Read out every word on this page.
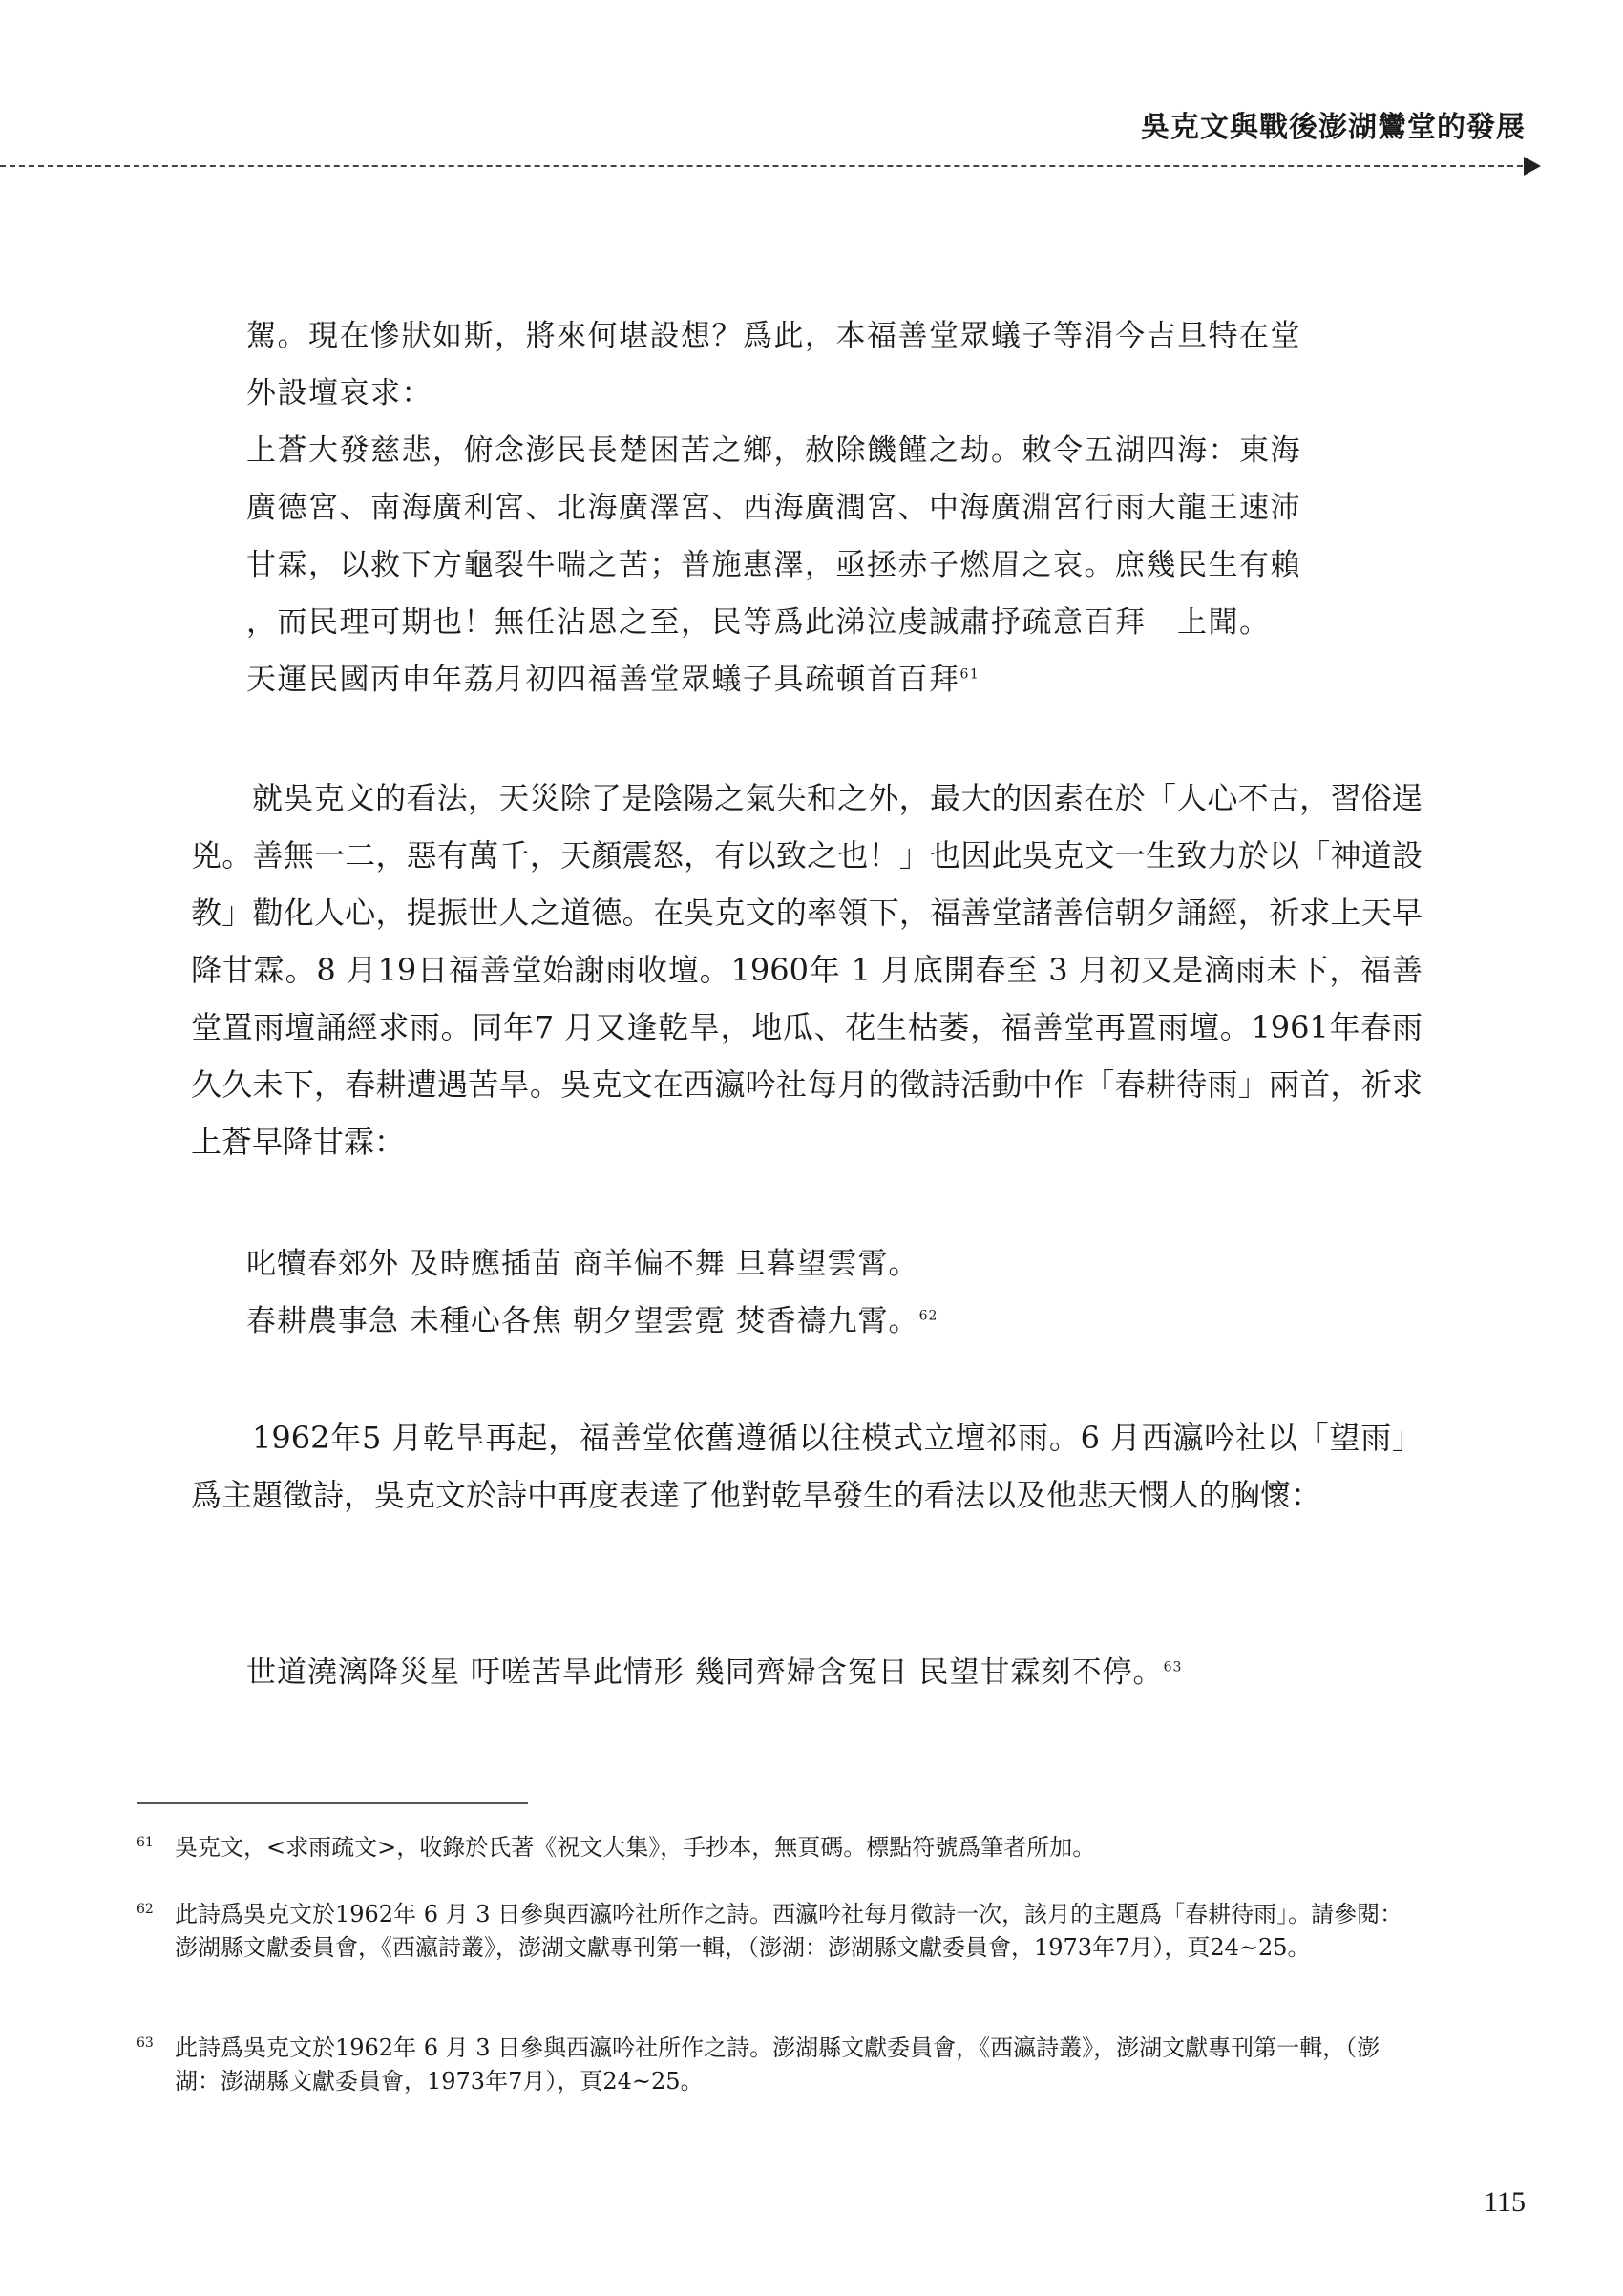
吳克文與戰後澎湖鸞堂的發展
駕。現在慘狀如斯，將來何堪設想？爲此，本福善堂眾蟻子等涓今吉旦特在堂
外設壇哀求：
上蒼大發慈悲，俯念澎民長楚困苦之鄉，赦除饑饉之劫。敕令五湖四海：東海
廣德宮、南海廣利宮、北海廣澤宮、西海廣潤宮、中海廣淵宮行雨大龍王速沛
甘霖，以救下方龜裂牛喘之苦；普施惠澤，亟拯赤子燃眉之哀。庶幾民生有賴
，而民理可期也！無任沾恩之至，民等爲此涕泣虔誠肅抒疏意百拜　上聞。
天運民國丙申年荔月初四福善堂眾蟻子具疏頓首百拜$^{61}$

就吳克文的看法，天災除了是陰陽之氣失和之外，最大的因素在於「人心不古，習俗逞兇。善無一二，惡有萬千，天顏震怒，有以致之也！」也因此吳克文一生致力於以「神道設教」勸化人心，提振世人之道德。在吳克文的率領下，福善堂諸善信朝夕誦經，祈求上天早降甘霖。8 月19日福善堂始謝雨收壇。1960年 1 月底開春至 3 月初又是滴雨未下，福善堂置雨壇誦經求雨。同年7 月又逢乾旱，地瓜、花生枯萎，福善堂再置雨壇。1961年春雨久久未下，春耕遭遇苦旱。吳克文在西瀛吟社每月的徵詩活動中作「春耕待雨」兩首，祈求上蒼早降甘霖：

叱犢春郊外 及時應插苗 商羊偏不舞 旦暮望雲霄。
春耕農事急 未種心各焦 朝夕望雲霓 焚香禱九霄。$^{62}$

1962年5 月乾旱再起，福善堂依舊遵循以往模式立壇祁雨。6 月西瀛吟社以「望雨」爲主題徵詩，吳克文於詩中再度表達了他對乾旱發生的看法以及他悲天憫人的胸懷：

世道澆漓降災星 吁嗟苦旱此情形 幾同齊婦含冤日 民望甘霖刻不停。$^{63}$

$^{61}$ 吳克文，<求雨疏文>，收錄於氏著《祝文大集》，手抄本，無頁碼。標點符號爲筆者所加。

$^{62}$ 此詩爲吳克文於1962年 6 月 3 日參與西瀛吟社所作之詩。西瀛吟社每月徵詩一次，該月的主題爲「春耕待雨」。請參閱：澎湖縣文獻委員會，《西瀛詩叢》，澎湖文獻專刊第一輯，（澎湖：澎湖縣文獻委員會，1973年7月），頁24~25。

$^{63}$ 此詩爲吳克文於1962年 6 月 3 日參與西瀛吟社所作之詩。澎湖縣文獻委員會，《西瀛詩叢》，澎湖文獻專刊第一輯，（澎湖：澎湖縣文獻委員會，1973年7月），頁24~25。

115
